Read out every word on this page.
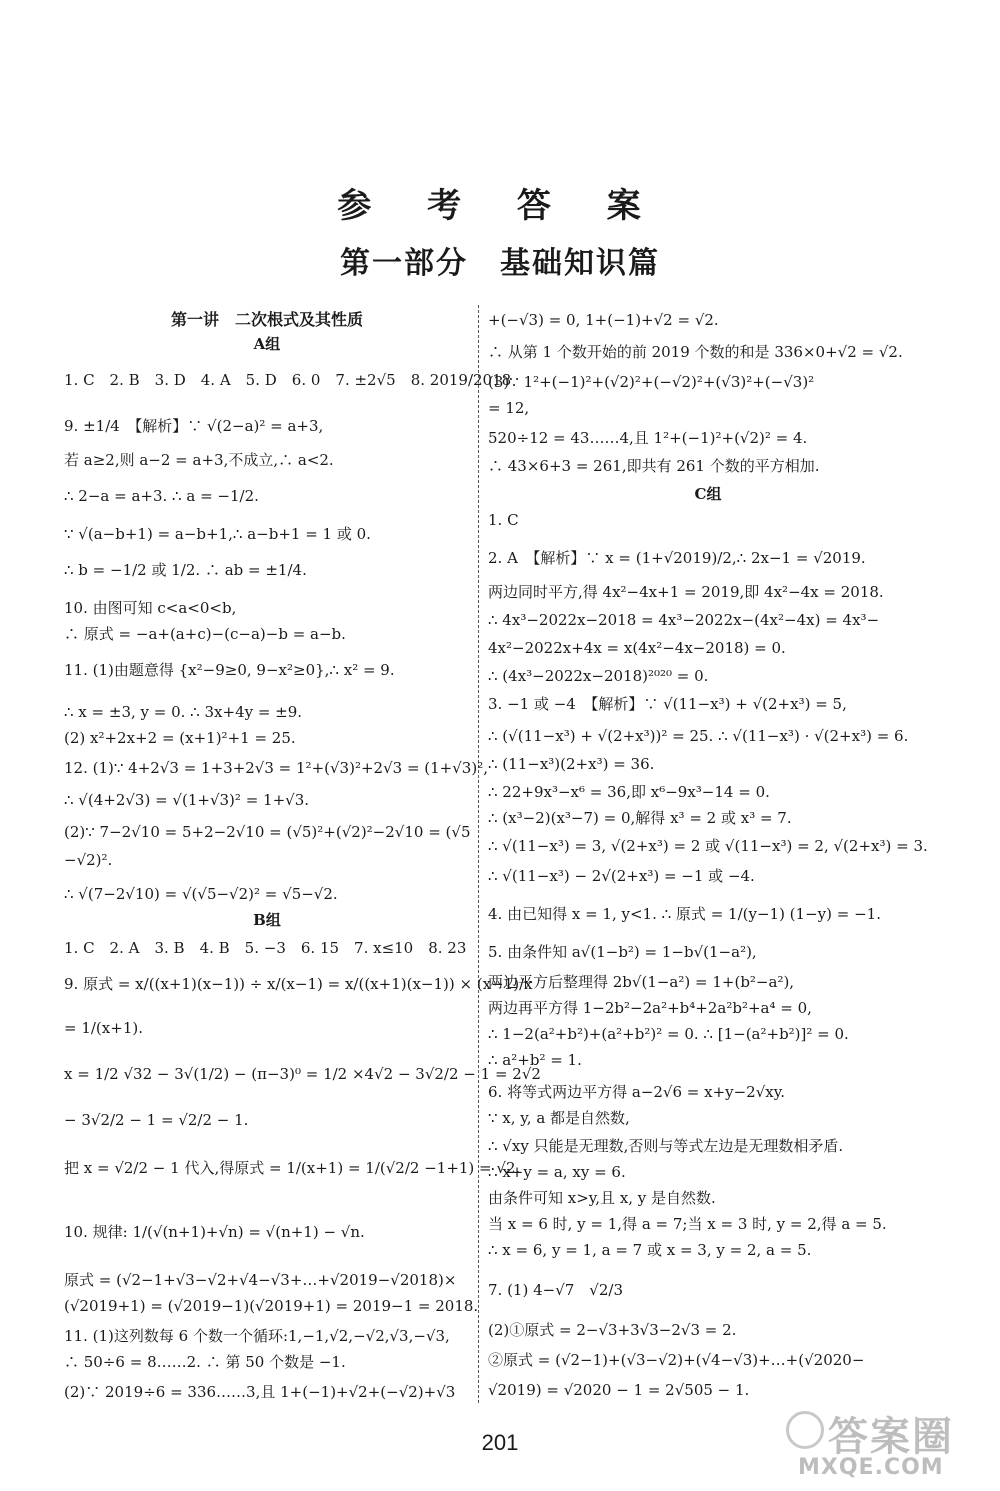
参 考 答 案
第一部分　基础知识篇
第一讲　二次根式及其性质
A组
1. C　2. B　3. D　4. A　5. D　6. 0　7. ±2√5　8. 2019/2018
9. ±1/4　【解析】∵ √(2−a)² = a+3,
若 a≥2,则 a−2 = a+3,不成立,∴ a<2.
∴ 2−a = a+3. ∴ a = −1/2.
∵ √(a−b+1) = a−b+1,∴ a−b+1 = 1 或 0.
∴ b = −1/2 或 1/2. ∴ ab = ±1/4.
10. 由图可知 c<a<0<b,
∴ 原式 = −a+(a+c)−(c−a)−b = a−b.
11. (1)由题意得 {x²−9≥0, 9−x²≥0},∴ x² = 9.
∴ x = ±3, y = 0. ∴ 3x+4y = ±9.
(2) x²+2x+2 = (x+1)²+1 = 25.
12. (1)∵ 4+2√3 = 1+3+2√3 = 1²+(√3)²+2√3 = (1+√3)²,
∴ √(4+2√3) = √(1+√3)² = 1+√3.
(2)∵ 7−2√10 = 5+2−2√10 = (√5)²+(√2)²−2√10 = (√5
−√2)².
∴ √(7−2√10) = √(√5−√2)² = √5−√2.
B组
1. C　2. A　3. B　4. B　5. −3　6. 15　7. x≤10　8. 23
9. 原式 = x/((x+1)(x−1)) ÷ x/(x−1) = x/((x+1)(x−1)) × (x−1)/x
= 1/(x+1).
x = 1/2 √32 − 3√(1/2) − (π−3)⁰ = 1/2 ×4√2 − 3√2/2 − 1 = 2√2
− 3√2/2 − 1 = √2/2 − 1.
把 x = √2/2 − 1 代入,得原式 = 1/(x+1) = 1/(√2/2 −1+1) = √2.
10. 规律: 1/(√(n+1)+√n) = √(n+1) − √n.
原式 = (√2−1+√3−√2+√4−√3+…+√2019−√2018)×
(√2019+1) = (√2019−1)(√2019+1) = 2019−1 = 2018.
11. (1)这列数每 6 个数一个循环:1,−1,√2,−√2,√3,−√3,
∴ 50÷6 = 8……2. ∴ 第 50 个数是 −1.
(2)∵ 2019÷6 = 336……3,且 1+(−1)+√2+(−√2)+√3
+(−√3) = 0, 1+(−1)+√2 = √2.
∴ 从第 1 个数开始的前 2019 个数的和是 336×0+√2 = √2.
(3)∵ 1²+(−1)²+(√2)²+(−√2)²+(√3)²+(−√3)²
= 12,
520÷12 = 43……4,且 1²+(−1)²+(√2)² = 4.
∴ 43×6+3 = 261,即共有 261 个数的平方相加.
C组
1. C
2. A　【解析】∵ x = (1+√2019)/2,∴ 2x−1 = √2019.
两边同时平方,得 4x²−4x+1 = 2019,即 4x²−4x = 2018.
∴ 4x³−2022x−2018 = 4x³−2022x−(4x²−4x) = 4x³−
4x²−2022x+4x = x(4x²−4x−2018) = 0.
∴ (4x³−2022x−2018)²⁰²⁰ = 0.
3. −1 或 −4　【解析】∵ √(11−x³) + √(2+x³) = 5,
∴ (√(11−x³) + √(2+x³))² = 25. ∴ √(11−x³) · √(2+x³) = 6.
∴ (11−x³)(2+x³) = 36.
∴ 22+9x³−x⁶ = 36,即 x⁶−9x³−14 = 0.
∴ (x³−2)(x³−7) = 0,解得 x³ = 2 或 x³ = 7.
∴ √(11−x³) = 3, √(2+x³) = 2 或 √(11−x³) = 2, √(2+x³) = 3.
∴ √(11−x³) − 2√(2+x³) = −1 或 −4.
4. 由已知得 x = 1, y<1. ∴ 原式 = 1/(y−1) (1−y) = −1.
5. 由条件知 a√(1−b²) = 1−b√(1−a²),
两边平方后整理得 2b√(1−a²) = 1+(b²−a²),
两边再平方得 1−2b²−2a²+b⁴+2a²b²+a⁴ = 0,
∴ 1−2(a²+b²)+(a²+b²)² = 0. ∴ [1−(a²+b²)]² = 0.
∴ a²+b² = 1.
6. 将等式两边平方得 a−2√6 = x+y−2√xy.
∵ x, y, a 都是自然数,
∴ √xy 只能是无理数,否则与等式左边是无理数相矛盾.
∴ x+y = a, xy = 6.
由条件可知 x>y,且 x, y 是自然数.
当 x = 6 时, y = 1,得 a = 7;当 x = 3 时, y = 2,得 a = 5.
∴ x = 6, y = 1, a = 7 或 x = 3, y = 2, a = 5.
7. (1) 4−√7　√2/3
(2)①原式 = 2−√3+3√3−2√3 = 2.
②原式 = (√2−1)+(√3−√2)+(√4−√3)+…+(√2020−
√2019) = √2020 − 1 = 2√505 − 1.
201	答案圈
MXQE.COM
